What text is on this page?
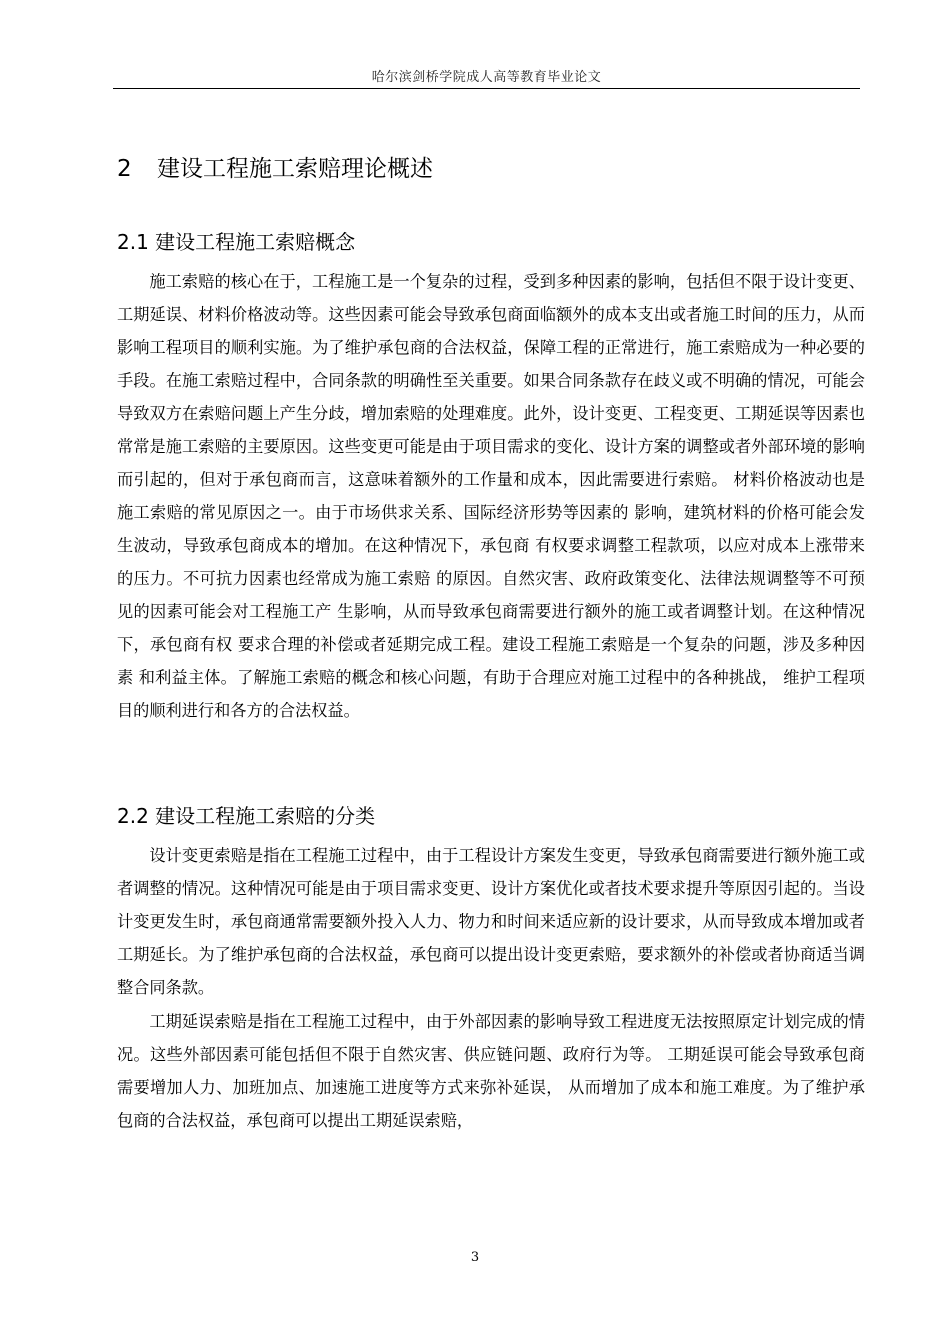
哈尔滨剑桥学院成人高等教育毕业论文
2 建设工程施工索赔理论概述
2.1 建设工程施工索赔概念

施工索赔的核心在于，工程施工是一个复杂的过程，受到多种因素的影响，包括但不限于设计变更、工期延误、材料价格波动等。这些因素可能会导致承包商面临额外的成本支出或者施工时间的压力，从而影响工程项目的顺利实施。为了维护承包商的合法权益，保障工程的正常进行，施工索赔成为一种必要的手段。在施工索赔过程中，合同条款的明确性至关重要。如果合同条款存在歧义或不明确的情况，可能会导致双方在索赔问题上产生分歧，增加索赔的处理难度。此外，设计变更、工程变更、工期延误等因素也常常是施工索赔的主要原因。这些变更可能是由于项目需求的变化、设计方案的调整或者外部环境的影响而引起的，但对于承包商而言，这意味着额外的工作量和成本，因此需要进行索赔。 材料价格波动也是施工索赔的常见原因之一。由于市场供求关系、国际经济形势等因素的 影响，建筑材料的价格可能会发生波动，导致承包商成本的增加。在这种情况下，承包商 有权要求调整工程款项，以应对成本上涨带来的压力。不可抗力因素也经常成为施工索赔 的原因。自然灾害、政府政策变化、法律法规调整等不可预见的因素可能会对工程施工产 生影响，从而导致承包商需要进行额外的施工或者调整计划。在这种情况下，承包商有权 要求合理的补偿或者延期完成工程。建设工程施工索赔是一个复杂的问题，涉及多种因素 和利益主体。了解施工索赔的概念和核心问题，有助于合理应对施工过程中的各种挑战， 维护工程项目的顺利进行和各方的合法权益。

2.2 建设工程施工索赔的分类

设计变更索赔是指在工程施工过程中，由于工程设计方案发生变更，导致承包商需要进行额外施工或者调整的情况。这种情况可能是由于项目需求变更、设计方案优化或者技术要求提升等原因引起的。当设计变更发生时，承包商通常需要额外投入人力、物力和时间来适应新的设计要求，从而导致成本增加或者工期延长。为了维护承包商的合法权益，承包商可以提出设计变更索赔，要求额外的补偿或者协商适当调整合同条款。

工期延误索赔是指在工程施工过程中，由于外部因素的影响导致工程进度无法按照原定计划完成的情况。这些外部因素可能包括但不限于自然灾害、供应链问题、政府行为等。 工期延误可能会导致承包商需要增加人力、加班加点、加速施工进度等方式来弥补延误， 从而增加了成本和施工难度。为了维护承包商的合法权益，承包商可以提出工期延误索赔，

3
